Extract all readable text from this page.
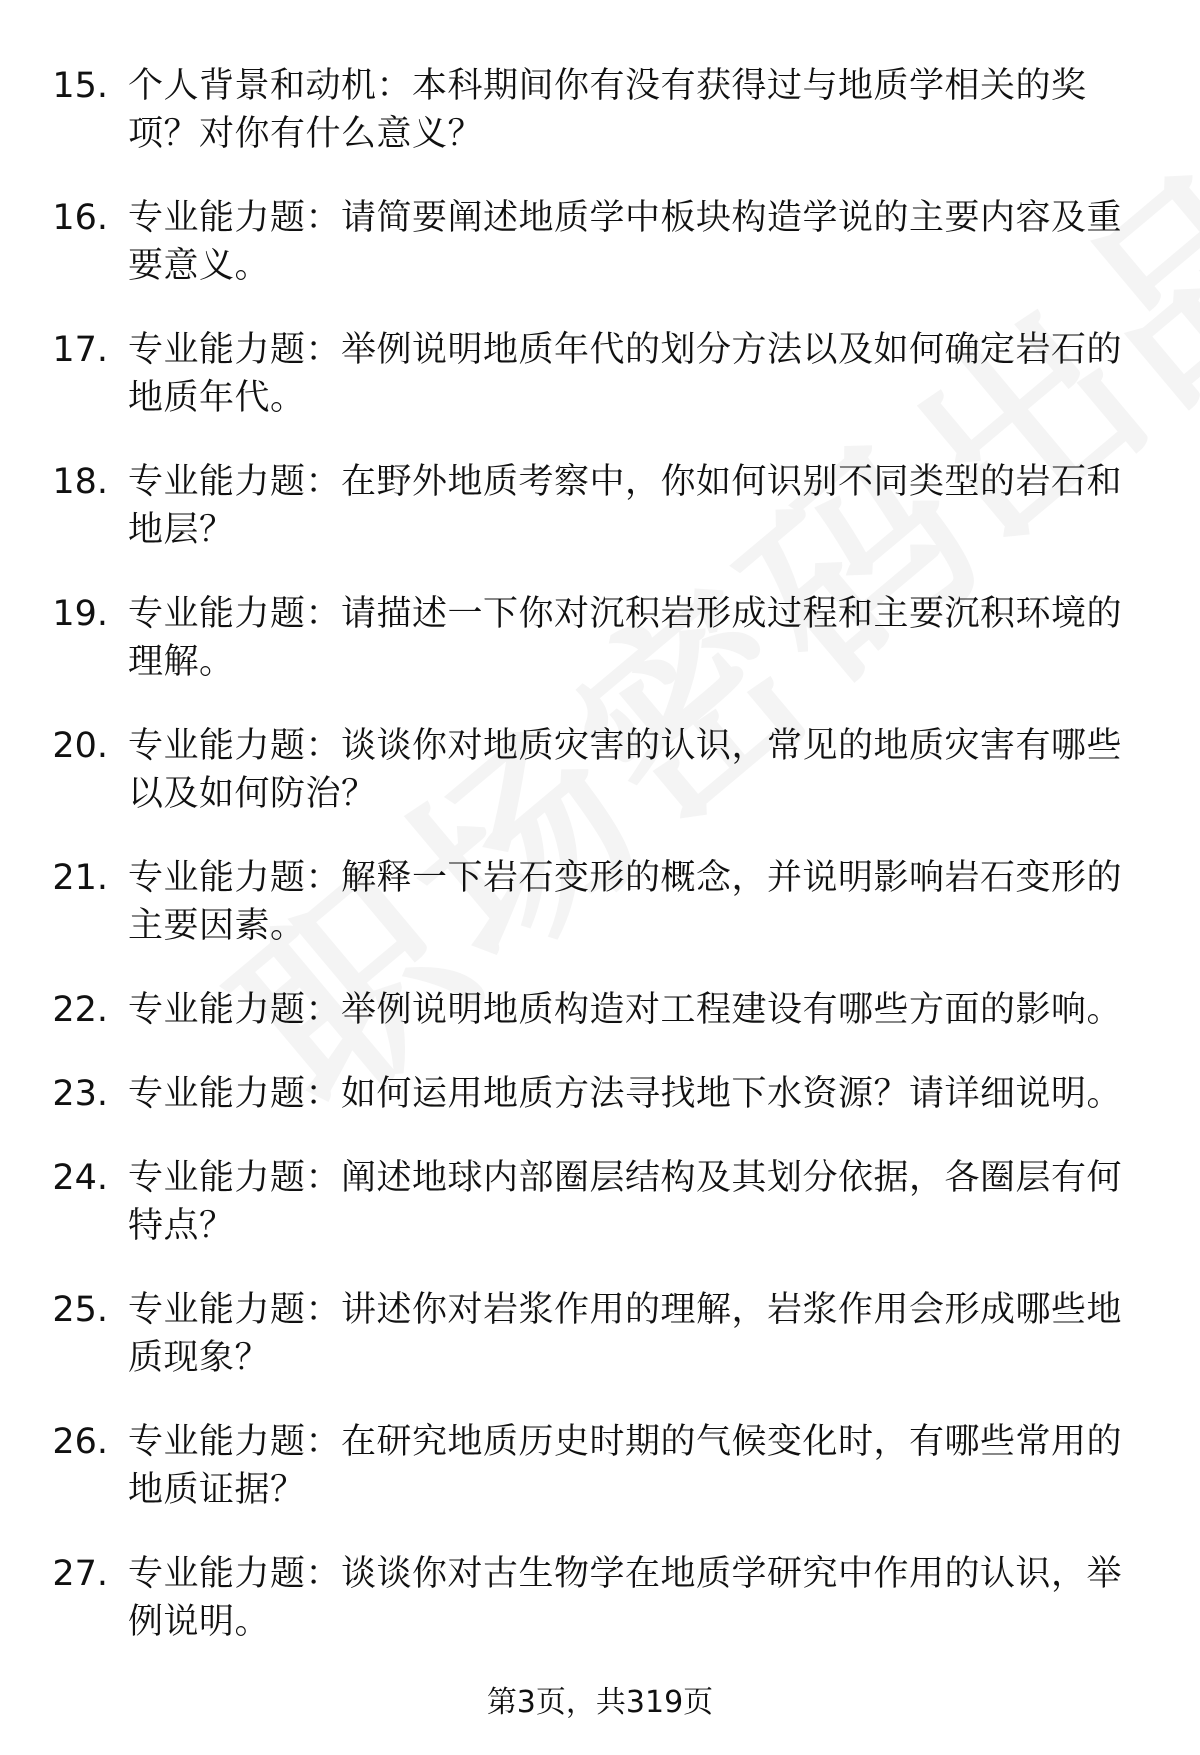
15. 个人背景和动机：本科期间你有没有获得过与地质学相关的奖项？对你有什么意义？
16. 专业能力题：请简要阐述地质学中板块构造学说的主要内容及重要意义。
17. 专业能力题：举例说明地质年代的划分方法以及如何确定岩石的地质年代。
18. 专业能力题：在野外地质考察中，你如何识别不同类型的岩石和地层？
19. 专业能力题：请描述一下你对沉积岩形成过程和主要沉积环境的理解。
20. 专业能力题：谈谈你对地质灾害的认识，常见的地质灾害有哪些以及如何防治？
21. 专业能力题：解释一下岩石变形的概念，并说明影响岩石变形的主要因素。
22. 专业能力题：举例说明地质构造对工程建设有哪些方面的影响。
23. 专业能力题：如何运用地质方法寻找地下水资源？请详细说明。
24. 专业能力题：阐述地球内部圈层结构及其划分依据，各圈层有何特点？
25. 专业能力题：讲述你对岩浆作用的理解，岩浆作用会形成哪些地质现象？
26. 专业能力题：在研究地质历史时期的气候变化时，有哪些常用的地质证据？
27. 专业能力题：谈谈你对古生物学在地质学研究中作用的认识，举例说明。
第3页，共319页
